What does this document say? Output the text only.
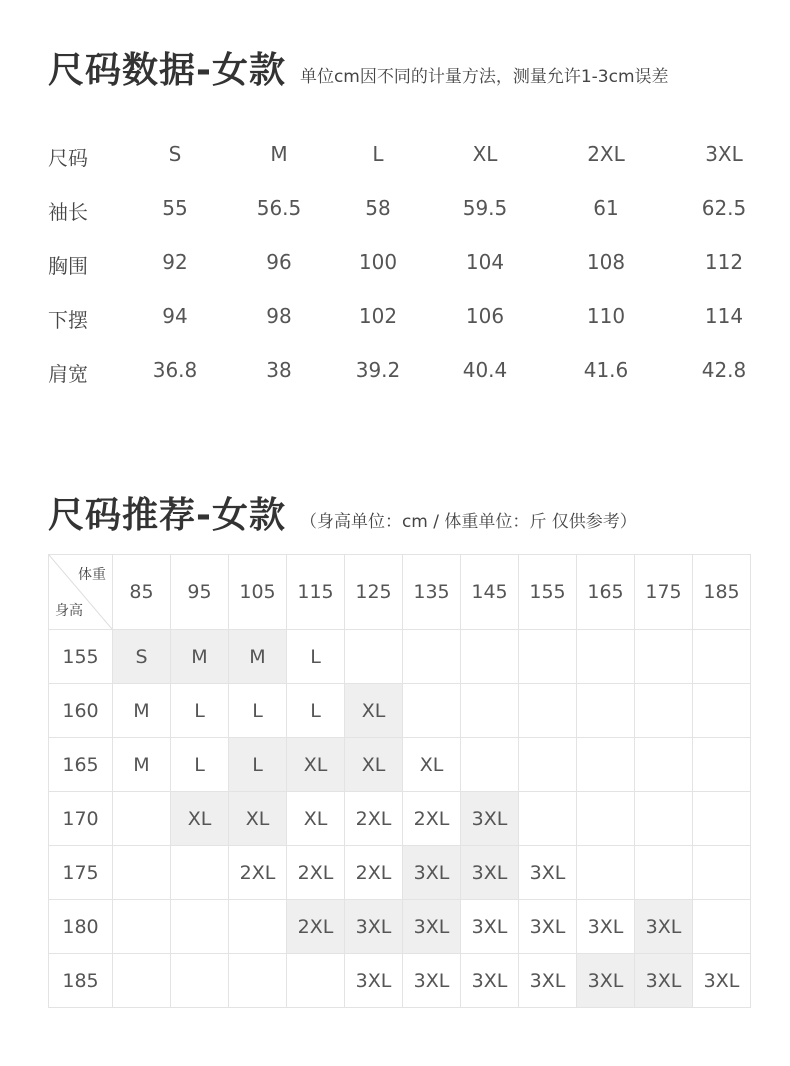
尺码数据-女款 单位cm因不同的计量方法，测量允许1-3cm误差
尺码	S	M	L	XL	2XL	3XL
袖长	55	56.5	58	59.5	61	62.5
胸围	92	96	100	104	108	112
下摆	94	98	102	106	110	114
肩宽	36.8	38	39.2	40.4	41.6	42.8
尺码推荐-女款 （身高单位：cm / 体重单位：斤 仅供参考）
体重
身高	85	95	105	115	125	135	145	155	165	175	185
155	S	M	M	L							
160	M	L	L	L	XL						
165	M	L	L	XL	XL	XL					
170		XL	XL	XL	2XL	2XL	3XL				
175			2XL	2XL	2XL	3XL	3XL	3XL			
180				2XL	3XL	3XL	3XL	3XL	3XL	3XL	
185					3XL	3XL	3XL	3XL	3XL	3XL	3XL
